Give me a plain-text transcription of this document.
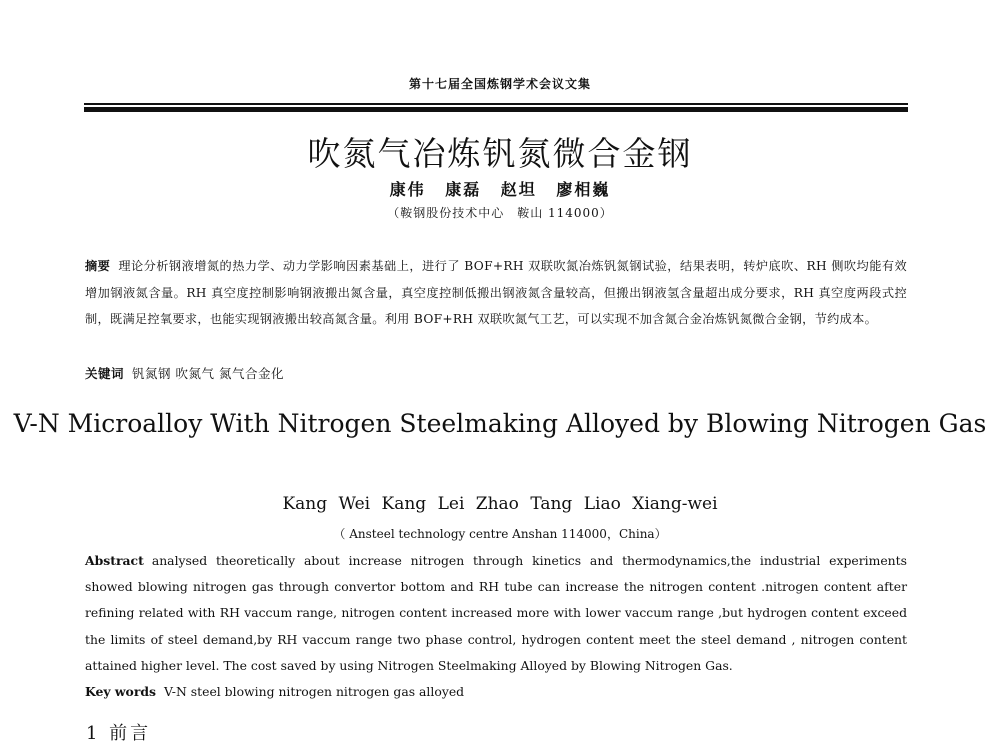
第十七届全国炼钢学术会议文集
吹氮气冶炼钒氮微合金钢
康伟 康磊 赵坦 廖相巍
（鞍钢股份技术中心　鞍山 114000）
摘要 理论分析钢液增氮的热力学、动力学影响因素基础上，进行了 BOF+RH 双联吹氮冶炼钒氮钢试验，结果表明，转炉底吹、RH 侧吹均能有效增加钢液氮含量。RH 真空度控制影响钢液搬出氮含量，真空度控制低搬出钢液氮含量较高，但搬出钢液氢含量超出成分要求，RH 真空度两段式控制，既满足控氧要求，也能实现钢液搬出较高氮含量。利用 BOF+RH 双联吹氮气工艺，可以实现不加含氮合金冶炼钒氮微合金钢，节约成本。
关键词 钒氮钢 吹氮气 氮气合金化
V-N Microalloy With Nitrogen Steelmaking Alloyed by Blowing Nitrogen Gas
Kang Wei Kang Lei Zhao Tang Liao Xiang-wei
（ Ansteel technology centre Anshan 114000，China）
Abstract analysed theoretically about increase nitrogen through kinetics and thermodynamics,the industrial experiments showed blowing nitrogen gas through convertor bottom and RH tube can increase the nitrogen content .nitrogen content after refining related with RH vaccum range, nitrogen content increased more with lower vaccum range ,but hydrogen content exceed the limits of steel demand,by RH vaccum range two phase control, hydrogen content meet the steel demand , nitrogen content attained higher level. The cost saved by using Nitrogen Steelmaking Alloyed by Blowing Nitrogen Gas.
Key words V-N steel blowing nitrogen nitrogen gas alloyed
1 前言
